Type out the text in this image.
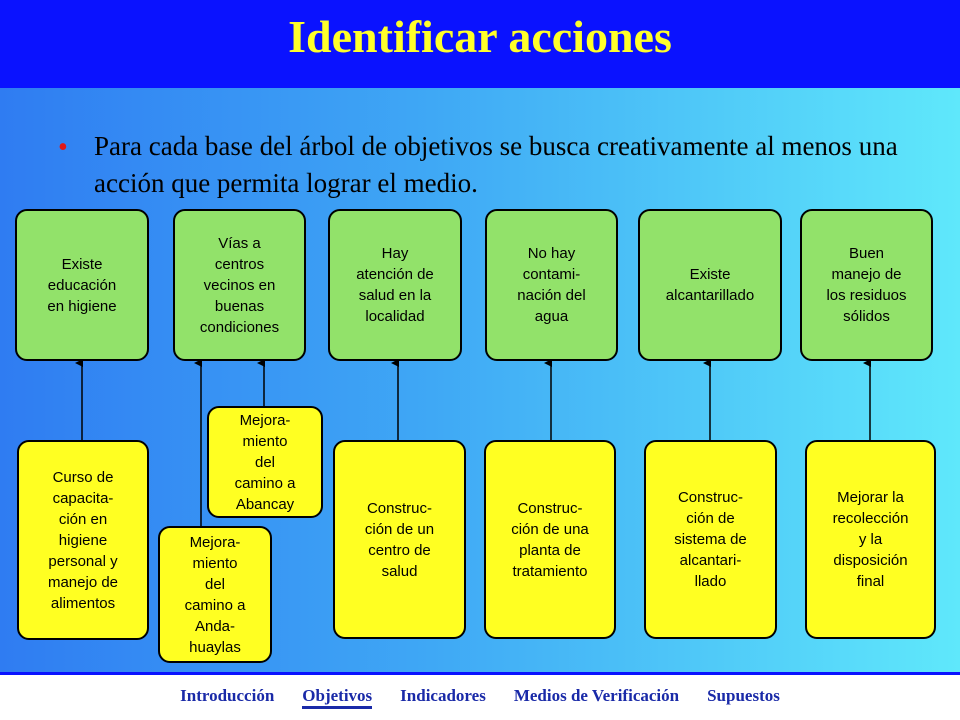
Identificar acciones
• Para cada base del árbol de objetivos se busca creativamente al menos una acción que permita lograr el medio.
Existe
educación
en higiene
Vías a
centros
vecinos en
buenas
condiciones
Hay
atención de
salud en la
localidad
No hay
contami-
nación del
agua
Existe
alcantarillado
Buen
manejo de
los residuos
sólidos
Curso de
capacita-
ción en
higiene
personal y
manejo de
alimentos
Mejora-
miento
del
camino a
Abancay
Mejora-
miento
del
camino a
Anda-
huaylas
Construc-
ción de un
centro de
salud
Construc-
ción de una
planta de
tratamiento
Construc-
ción de
sistema de
alcantari-
llado
Mejorar la
recolección
y la
disposición
final
Introducción Objetivos Indicadores Medios de Verificación Supuestos
